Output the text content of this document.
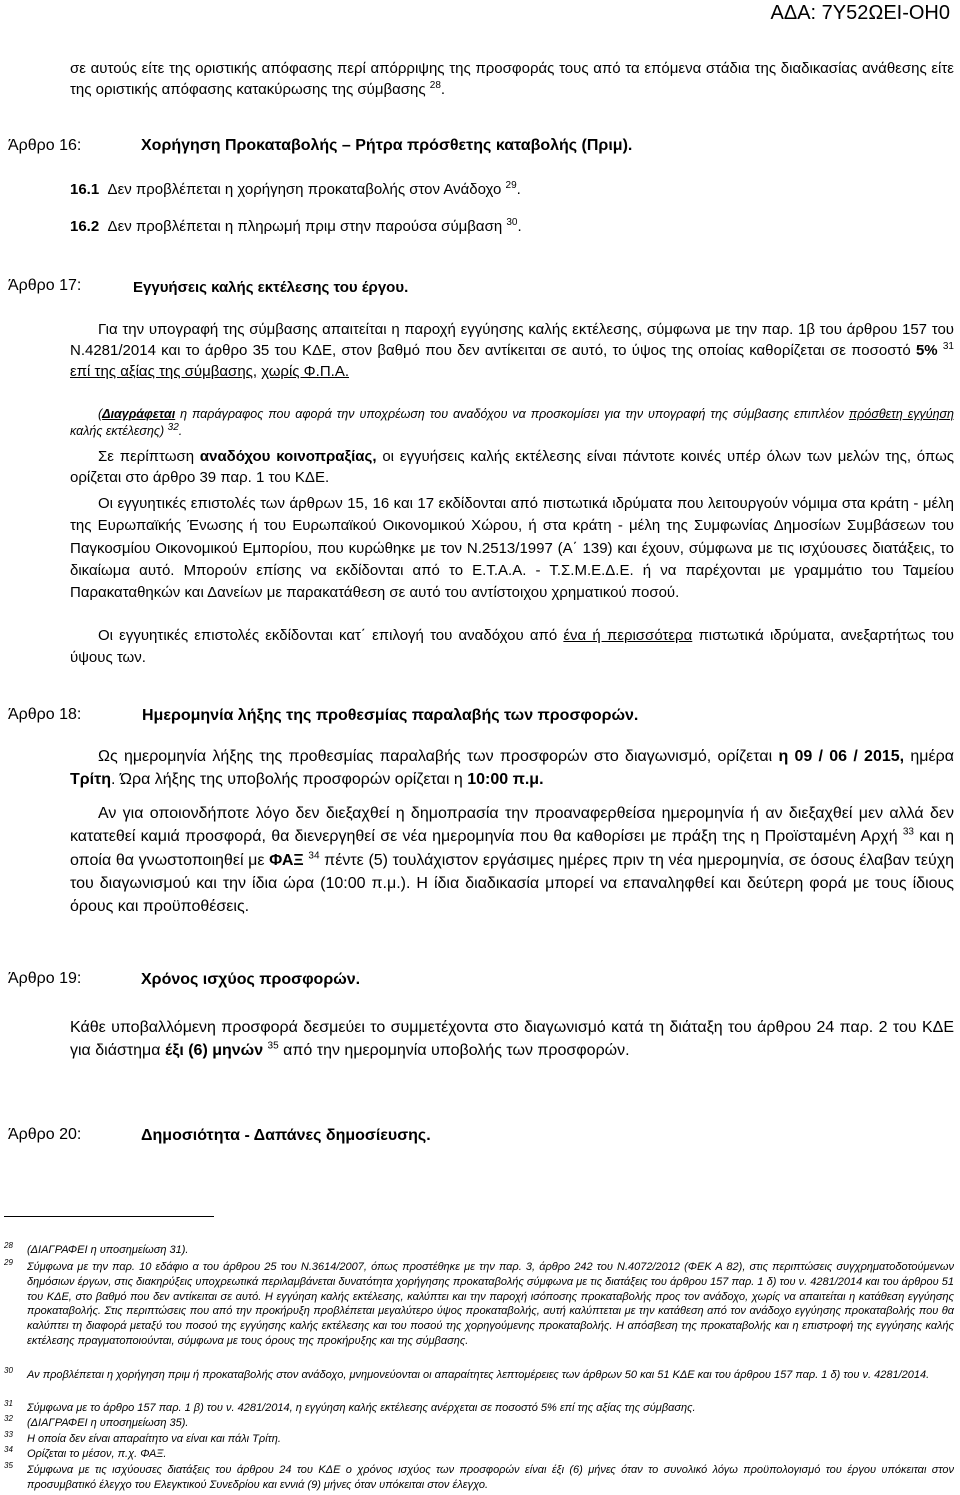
ΑΔΑ: 7Υ52ΩΕΙ-ΟΗ0
σε αυτούς είτε της οριστικής απόφασης περί απόρριψης της προσφοράς τους από τα επόμενα στάδια της διαδικασίας ανάθεσης είτε της οριστικής απόφασης κατακύρωσης της σύμβασης $^{28}$.
Άρθρο 16:	Χορήγηση Προκαταβολής – Ρήτρα πρόσθετης καταβολής (Πριμ).
16.1 Δεν προβλέπεται η χορήγηση προκαταβολής στον Ανάδοχο $^{29}$.
16.2 Δεν προβλέπεται η πληρωμή πριμ στην παρούσα σύμβαση $^{30}$.
Άρθρο 17:	Εγγυήσεις καλής εκτέλεσης του έργου.
Για την υπογραφή της σύμβασης απαιτείται η παροχή εγγύησης καλής εκτέλεσης, σύμφωνα με την παρ. 1β του άρθρου 157 του Ν.4281/2014 και το άρθρο 35 του ΚΔΕ, στον βαθμό που δεν αντίκειται σε αυτό, το ύψος της οποίας καθορίζεται σε ποσοστό 5% $^{31}$ επί της αξίας της σύμβασης, χωρίς Φ.Π.Α.
(Διαγράφεται η παράγραφος που αφορά την υποχρέωση του αναδόχου να προσκομίσει για την υπογραφή της σύμβασης επιπλέον πρόσθετη εγγύηση καλής εκτέλεσης) $^{32}$.
Σε περίπτωση αναδόχου κοινοπραξίας, οι εγγυήσεις καλής εκτέλεσης είναι πάντοτε κοινές υπέρ όλων των μελών της, όπως ορίζεται στο άρθρο 39 παρ. 1 του ΚΔΕ.
Οι εγγυητικές επιστολές των άρθρων 15, 16 και 17 εκδίδονται από πιστωτικά ιδρύματα που λειτουργούν νόμιμα στα κράτη - μέλη της Ευρωπαϊκής Ένωσης ή του Ευρωπαϊκού Οικονομικού Χώρου, ή στα κράτη - μέλη της Συμφωνίας Δημοσίων Συμβάσεων του Παγκοσμίου Οικονομικού Εμπορίου, που κυρώθηκε με τον Ν.2513/1997 (Α΄ 139) και έχουν, σύμφωνα με τις ισχύουσες διατάξεις, το δικαίωμα αυτό. Μπορούν επίσης να εκδίδονται από το Ε.Τ.Α.Α. - Τ.Σ.Μ.Ε.Δ.Ε. ή να παρέχονται με γραμμάτιο του Ταμείου Παρακαταθηκών και Δανείων με παρακατάθεση σε αυτό του αντίστοιχου χρηματικού ποσού.
Οι εγγυητικές επιστολές εκδίδονται κατ΄ επιλογή του αναδόχου από ένα ή περισσότερα πιστωτικά ιδρύματα, ανεξαρτήτως του ύψους των.
Άρθρο 18:	Ημερομηνία λήξης της προθεσμίας παραλαβής των προσφορών.
Ως ημερομηνία λήξης της προθεσμίας παραλαβής των προσφορών στο διαγωνισμό, ορίζεται η 09 / 06 / 2015, ημέρα Τρίτη. Ώρα λήξης της υποβολής προσφορών ορίζεται η 10:00 π.μ.
Αν για οποιονδήποτε λόγο δεν διεξαχθεί η δημοπρασία την προαναφερθείσα ημερομηνία ή αν διεξαχθεί μεν αλλά δεν κατατεθεί καμιά προσφορά, θα διενεργηθεί σε νέα ημερομηνία που θα καθορίσει με πράξη της η Προϊσταμένη Αρχή $^{33}$ και η οποία θα γνωστοποιηθεί με ΦΑΞ $^{34}$ πέντε (5) τουλάχιστον εργάσιμες ημέρες πριν τη νέα ημερομηνία, σε όσους έλαβαν τεύχη του διαγωνισμού και την ίδια ώρα (10:00 π.μ.). Η ίδια διαδικασία μπορεί να επαναληφθεί και δεύτερη φορά με τους ίδιους όρους και προϋποθέσεις.
Άρθρο 19:	Χρόνος ισχύος προσφορών.
Κάθε υποβαλλόμενη προσφορά δεσμεύει το συμμετέχοντα στο διαγωνισμό κατά τη διάταξη του άρθρου 24 παρ. 2 του ΚΔΕ για διάστημα έξι (6) μηνών $^{35}$ από την ημερομηνία υποβολής των προσφορών.
Άρθρο 20:	Δημοσιότητα - Δαπάνες δημοσίευσης.
28 (ΔΙΑΓΡΑΦΕΙ η υποσημείωση 31).
29 Σύμφωνα με την παρ. 10 εδάφιο α του άρθρου 25 του Ν.3614/2007, όπως προστέθηκε με την παρ. 3, άρθρο 242 του Ν.4072/2012 (ΦΕΚ Α 82), στις περιπτώσεις συγχρηματοδοτούμενων δημόσιων έργων, στις διακηρύξεις υποχρεωτικά περιλαμβάνεται δυνατότητα χορήγησης προκαταβολής σύμφωνα με τις διατάξεις του άρθρου 157 παρ. 1 δ) του ν. 4281/2014 και του άρθρου 51 του ΚΔΕ, στο βαθμό που δεν αντίκειται σε αυτό. Η εγγύηση καλής εκτέλεσης, καλύπτει και την παροχή ισόποσης προκαταβολής προς τον ανάδοχο, χωρίς να απαιτείται η κατάθεση εγγύησης προκαταβολής. Στις περιπτώσεις που από την προκήρυξη προβλέπεται μεγαλύτερο ύψος προκαταβολής, αυτή καλύπτεται με την κατάθεση από τον ανάδοχο εγγύησης προκαταβολής που θα καλύπτει τη διαφορά μεταξύ του ποσού της εγγύησης καλής εκτέλεσης και του ποσού της χορηγούμενης προκαταβολής. Η απόσβεση της προκαταβολής και η επιστροφή της εγγύησης καλής εκτέλεσης πραγματοποιούνται, σύμφωνα με τους όρους της προκήρυξης και της σύμβασης.
30 Αν προβλέπεται η χορήγηση πριμ ή προκαταβολής στον ανάδοχο, μνημονεύονται οι απαραίτητες λεπτομέρειες των άρθρων 50 και 51 ΚΔΕ και του άρθρου 157 παρ. 1 δ) του ν. 4281/2014.
31 Σύμφωνα με το άρθρο 157 παρ. 1 β) του ν. 4281/2014, η εγγύηση καλής εκτέλεσης ανέρχεται σε ποσοστό 5% επί της αξίας της σύμβασης.
32 (ΔΙΑΓΡΑΦΕΙ η υποσημείωση 35).
33 Η οποία δεν είναι απαραίτητο να είναι και πάλι Τρίτη.
34 Ορίζεται το μέσον, π.χ. ΦΑΞ.
35 Σύμφωνα με τις ισχύουσες διατάξεις του άρθρου 24 του ΚΔΕ ο χρόνος ισχύος των προσφορών είναι έξι (6) μήνες όταν το συνολικό λόγω προϋπολογισμό του έργου υπόκειται στον προσυμβατικό έλεγχο του Ελεγκτικού Συνεδρίου και εννιά (9) μήνες όταν υπόκειται στον έλεγχο.
